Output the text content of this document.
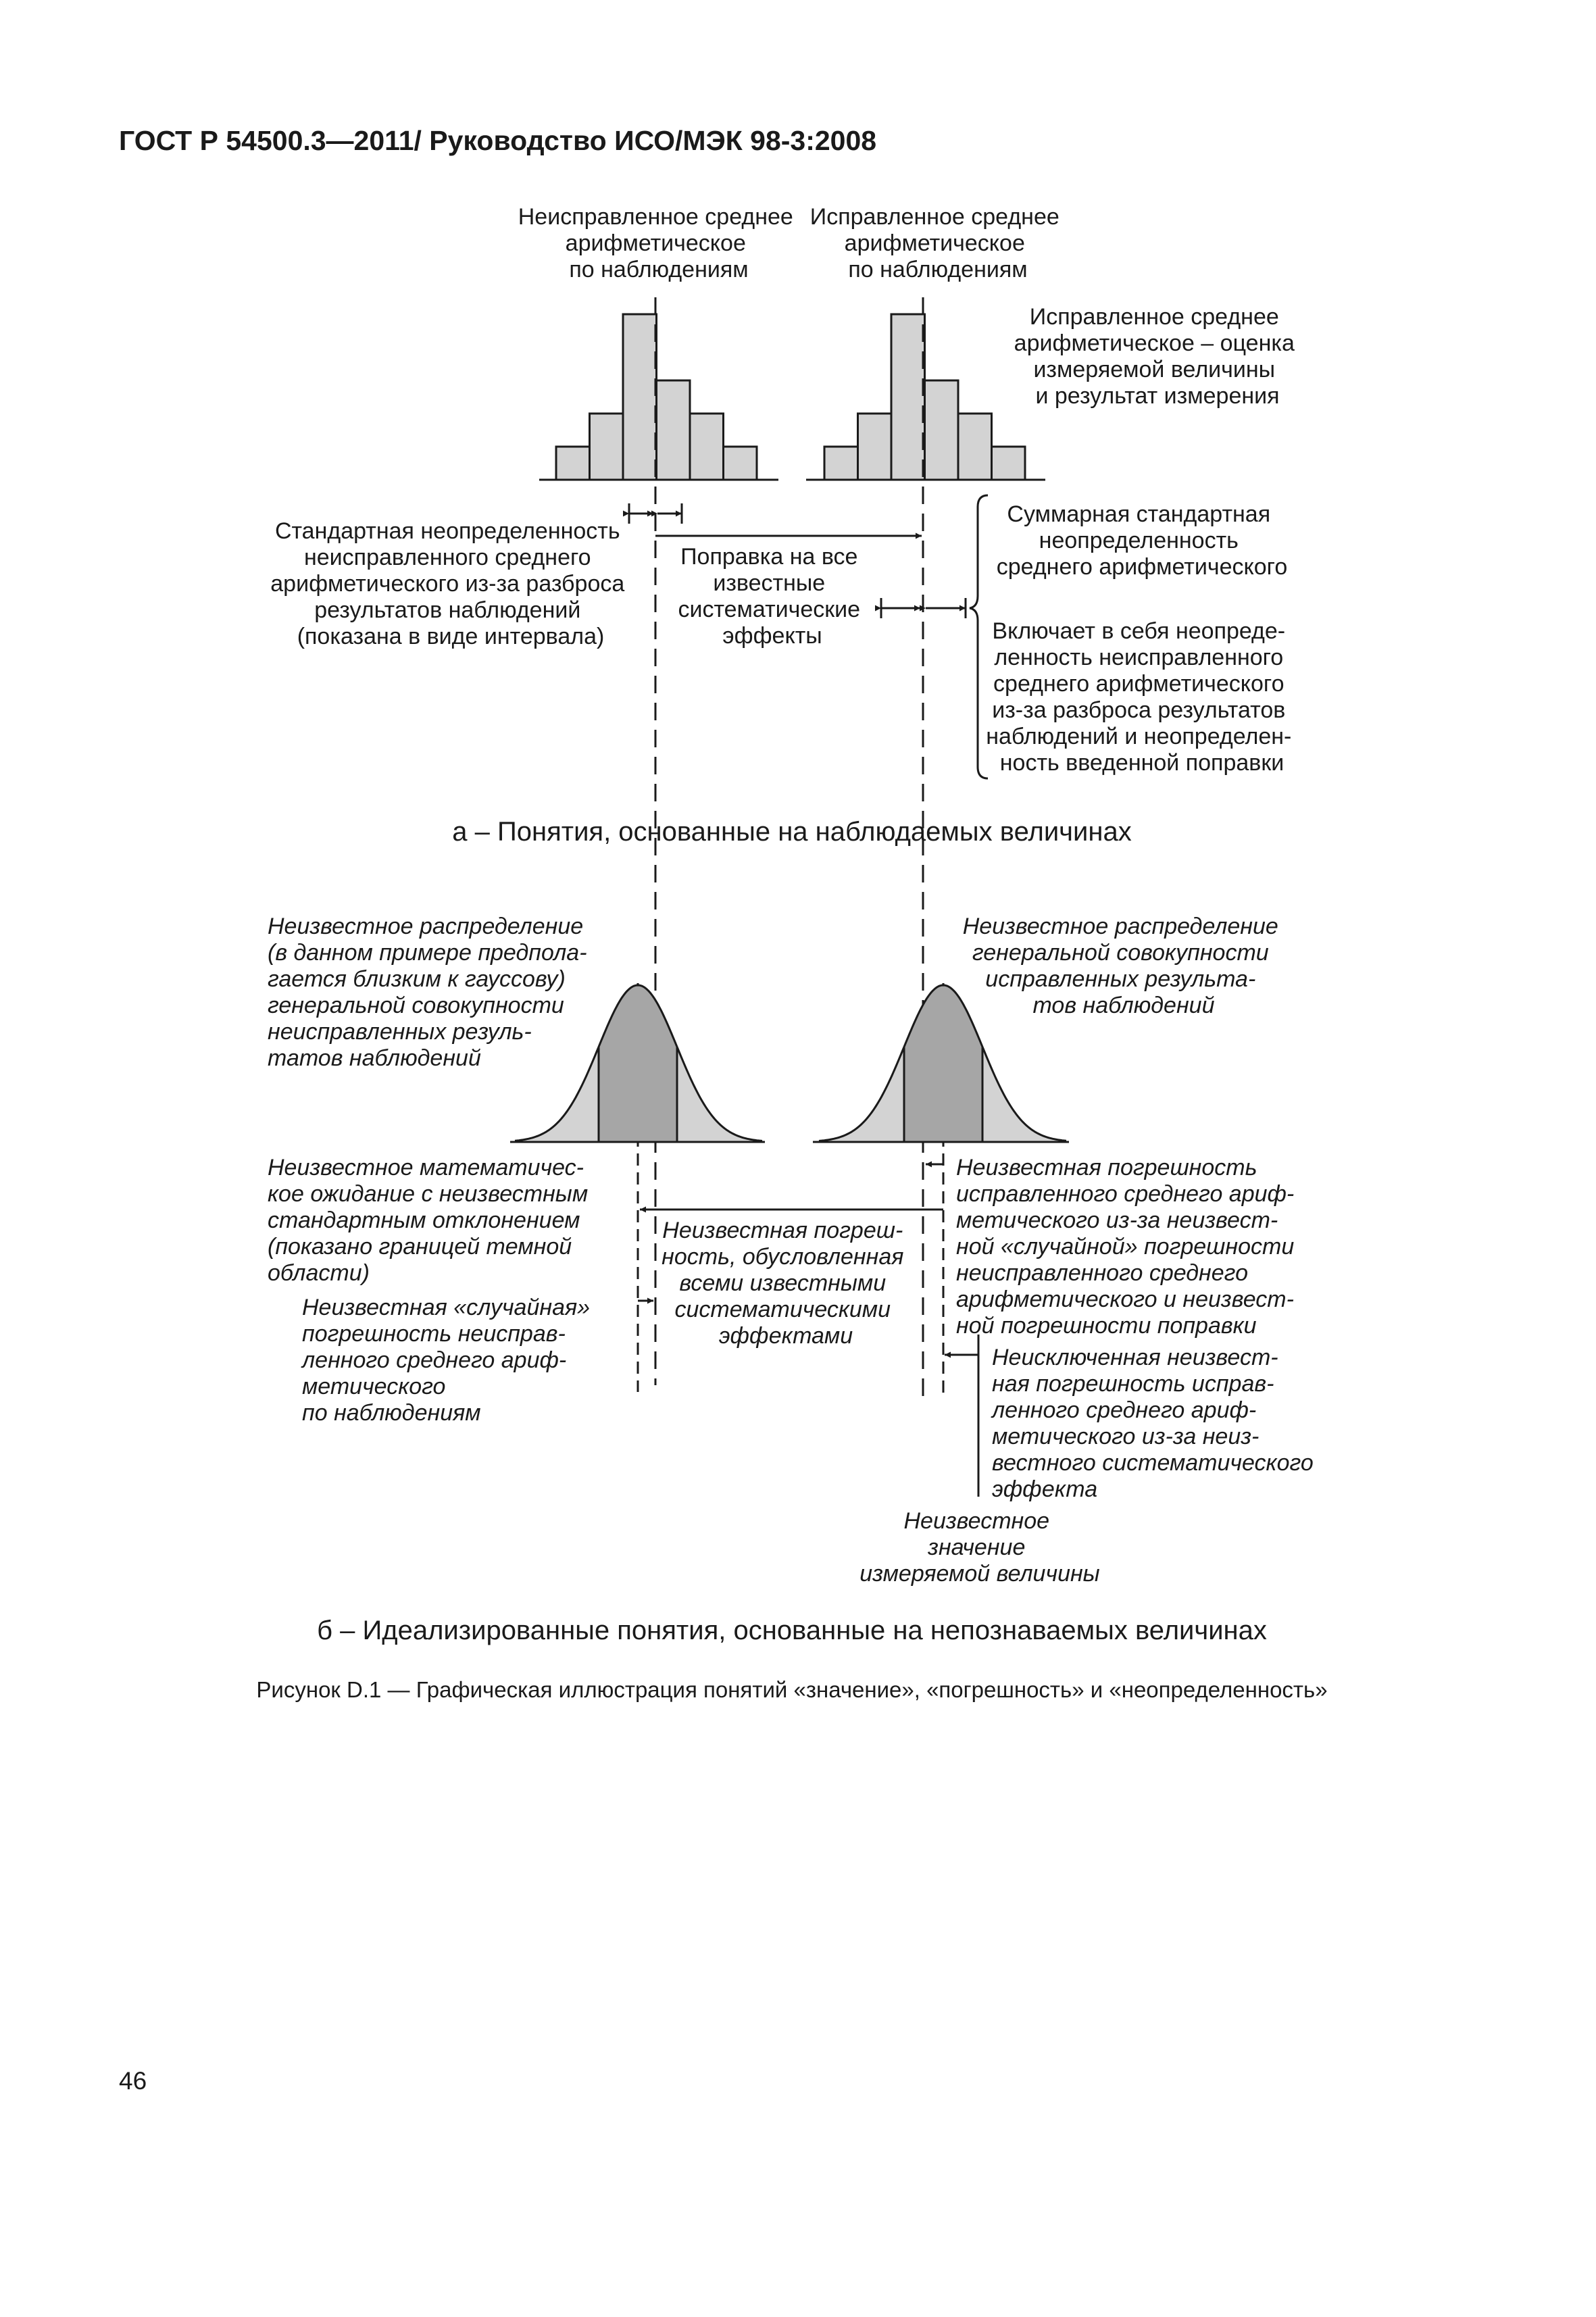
ГОСТ Р 54500.3—2011/ Руководство ИСО/МЭК 98-3:2008
Неисправленное среднее арифметическое по наблюдениям
Исправленное среднее арифметическое по наблюдениям
Исправленное среднее арифметическое – оценка измеряемой величины и результат измерения
Стандартная неопределенность неисправленного среднего арифметического из-за разброса результатов наблюдений (показана в виде интервала)
Поправка на все известные систематические эффекты
Суммарная стандартная неопределенность среднего арифметического
Включает в себя неопреде- ленность неисправленного среднего арифметического из-за разброса результатов наблюдений и неопределен- ность введенной поправки
а – Понятия, основанные на наблюдаемых величинах
Неизвестное распределение (в данном примере предпола- гается близким к гауссову) генеральной совокупности неисправленных резуль- татов наблюдений
Неизвестное распределение генеральной совокупности исправленных результа- тов наблюдений
Неизвестное математичес- кое ожидание с неизвестным стандартным отклонением (показано границей темной области)
Неизвестная «случайная» погрешность неиспрaв- ленного среднего ариф- метического по наблюдениям
Неизвестная погреш- ность, обусловленная всеми известными систематическими эффектами
Неизвестная погрешность исправленного среднего ариф- метического из-за неизвест- ной «случайной» погрешности неисправленного среднего арифметического и неизвест- ной погрешности поправки
Неисключенная неизвест- ная погрешность исправ- ленного среднего ариф- метического из-за неиз- вестного систематического эффекта
Неизвестное значение измеряемой величины
б – Идеализированные понятия, основанные на непознаваемых величинах
Рисунок D.1 — Графическая иллюстрация понятий «значение», «погрешность» и «неопределенность»
46
